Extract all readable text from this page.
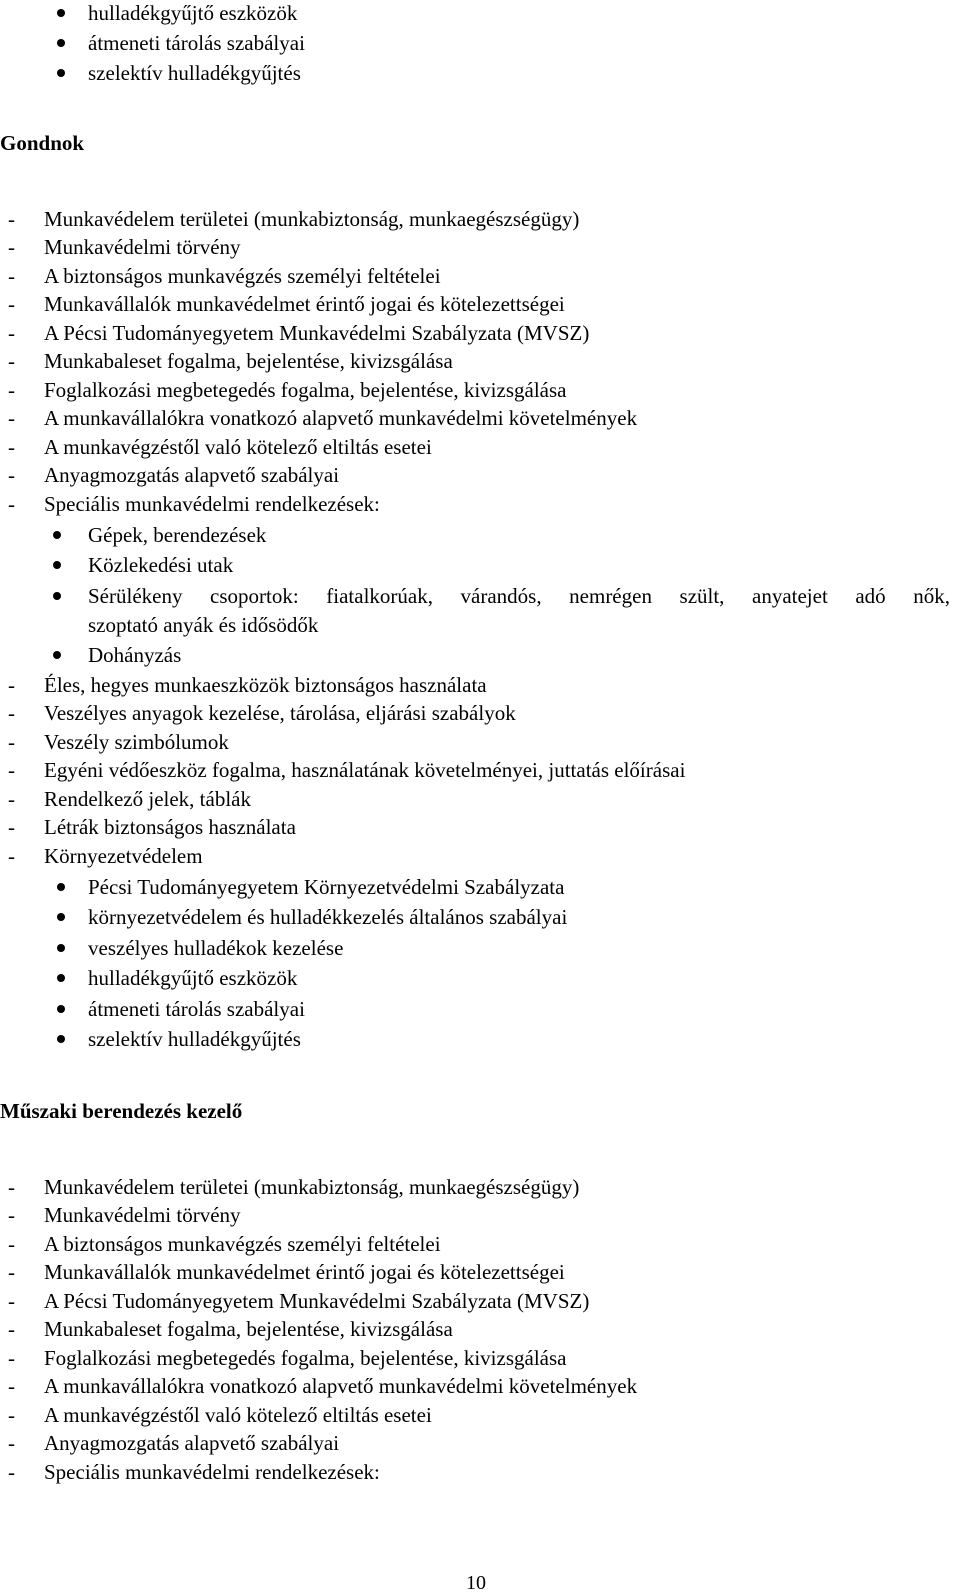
hulladékgyűjtő eszközök
átmeneti tárolás szabályai
szelektív hulladékgyűjtés
Gondnok
- Munkavédelem területei (munkabiztonság, munkaegészségügy)
- Munkavédelmi törvény
- A biztonságos munkavégzés személyi feltételei
- Munkavállalók munkavédelmet érintő jogai és kötelezettségei
- A Pécsi Tudományegyetem Munkavédelmi Szabályzata (MVSZ)
- Munkabaleset fogalma, bejelentése, kivizsgálása
- Foglalkozási megbetegedés fogalma, bejelentése, kivizsgálása
- A munkavállalókra vonatkozó alapvető munkavédelmi követelmények
- A munkavégzéstől való kötelező eltiltás esetei
- Anyagmozgatás alapvető szabályai
- Speciális munkavédelmi rendelkezések:
Gépek, berendezések
Közlekedési utak
Sérülékeny csoportok: fiatalkorúak, várandós, nemrégen szült, anyatejet adó nők,
szoptató anyák és idősödők
Dohányzás
- Éles, hegyes munkaeszközök biztonságos használata
- Veszélyes anyagok kezelése, tárolása, eljárási szabályok
- Veszély szimbólumok
- Egyéni védőeszköz fogalma, használatának követelményei, juttatás előírásai
- Rendelkező jelek, táblák
- Létrák biztonságos használata
- Környezetvédelem
Pécsi Tudományegyetem Környezetvédelmi Szabályzata
környezetvédelem és hulladékkezelés általános szabályai
veszélyes hulladékok kezelése
hulladékgyűjtő eszközök
átmeneti tárolás szabályai
szelektív hulladékgyűjtés
Műszaki berendezés kezelő
- Munkavédelem területei (munkabiztonság, munkaegészségügy)
- Munkavédelmi törvény
- A biztonságos munkavégzés személyi feltételei
- Munkavállalók munkavédelmet érintő jogai és kötelezettségei
- A Pécsi Tudományegyetem Munkavédelmi Szabályzata (MVSZ)
- Munkabaleset fogalma, bejelentése, kivizsgálása
- Foglalkozási megbetegedés fogalma, bejelentése, kivizsgálása
- A munkavállalókra vonatkozó alapvető munkavédelmi követelmények
- A munkavégzéstől való kötelező eltiltás esetei
- Anyagmozgatás alapvető szabályai
- Speciális munkavédelmi rendelkezések:
10
